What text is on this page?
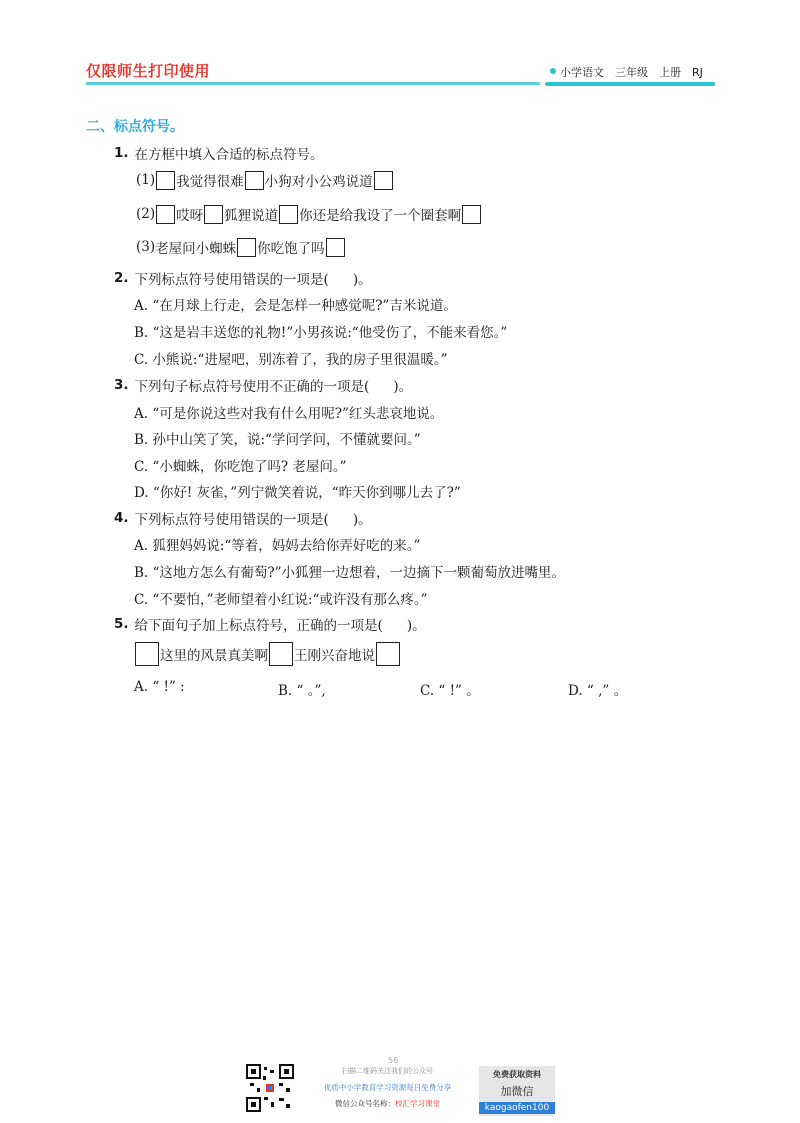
仅限师生打印使用	小学语文 三年级 上册 RJ
二、标点符号。
1. 在方框中填入合适的标点符号。
(1) 我觉得很难 小狗对小公鸡说道
(2) 哎呀 狐狸说道 你还是给我设了一个圈套啊
(3) 老屋问小蜘蛛 你吃饱了吗
2. 下列标点符号使用错误的一项是( )。
A. “在月球上行走，会是怎样一种感觉呢?”吉米说道。
B. “这是岩丰送您的礼物!”小男孩说:“他受伤了，不能来看您。”
C. 小熊说:“进屋吧，别冻着了，我的房子里很温暖。”
3. 下列句子标点符号使用不正确的一项是( )。
A. “可是你说这些对我有什么用呢?”红头悲哀地说。
B. 孙中山笑了笑，说:“学问学问，不懂就要问。”
C. “小蜘蛛，你吃饱了吗? 老屋问。”
D. “你好! 灰雀，”列宁微笑着说，“昨天你到哪儿去了?”
4. 下列标点符号使用错误的一项是( )。
A. 狐狸妈妈说:“等着，妈妈去给你弄好吃的来。”
B. “这地方怎么有葡萄?”小狐狸一边想着，一边摘下一颗葡萄放进嘴里。
C. “不要怕，”老师望着小红说:“或许没有那么疼。”
5. 给下面句子加上标点符号，正确的一项是( )。
这里的风景真美啊 王刚兴奋地说
A. “ !” :	B. “ 。”,	C. “ !” 。	D. “ ,” 。
56
扫描二维码关注我们的公众号
优质中小学教育学习资源每日免费分享
微信公众号名称：校汇学习课堂
免费获取资料
加微信
kaogaofen100
